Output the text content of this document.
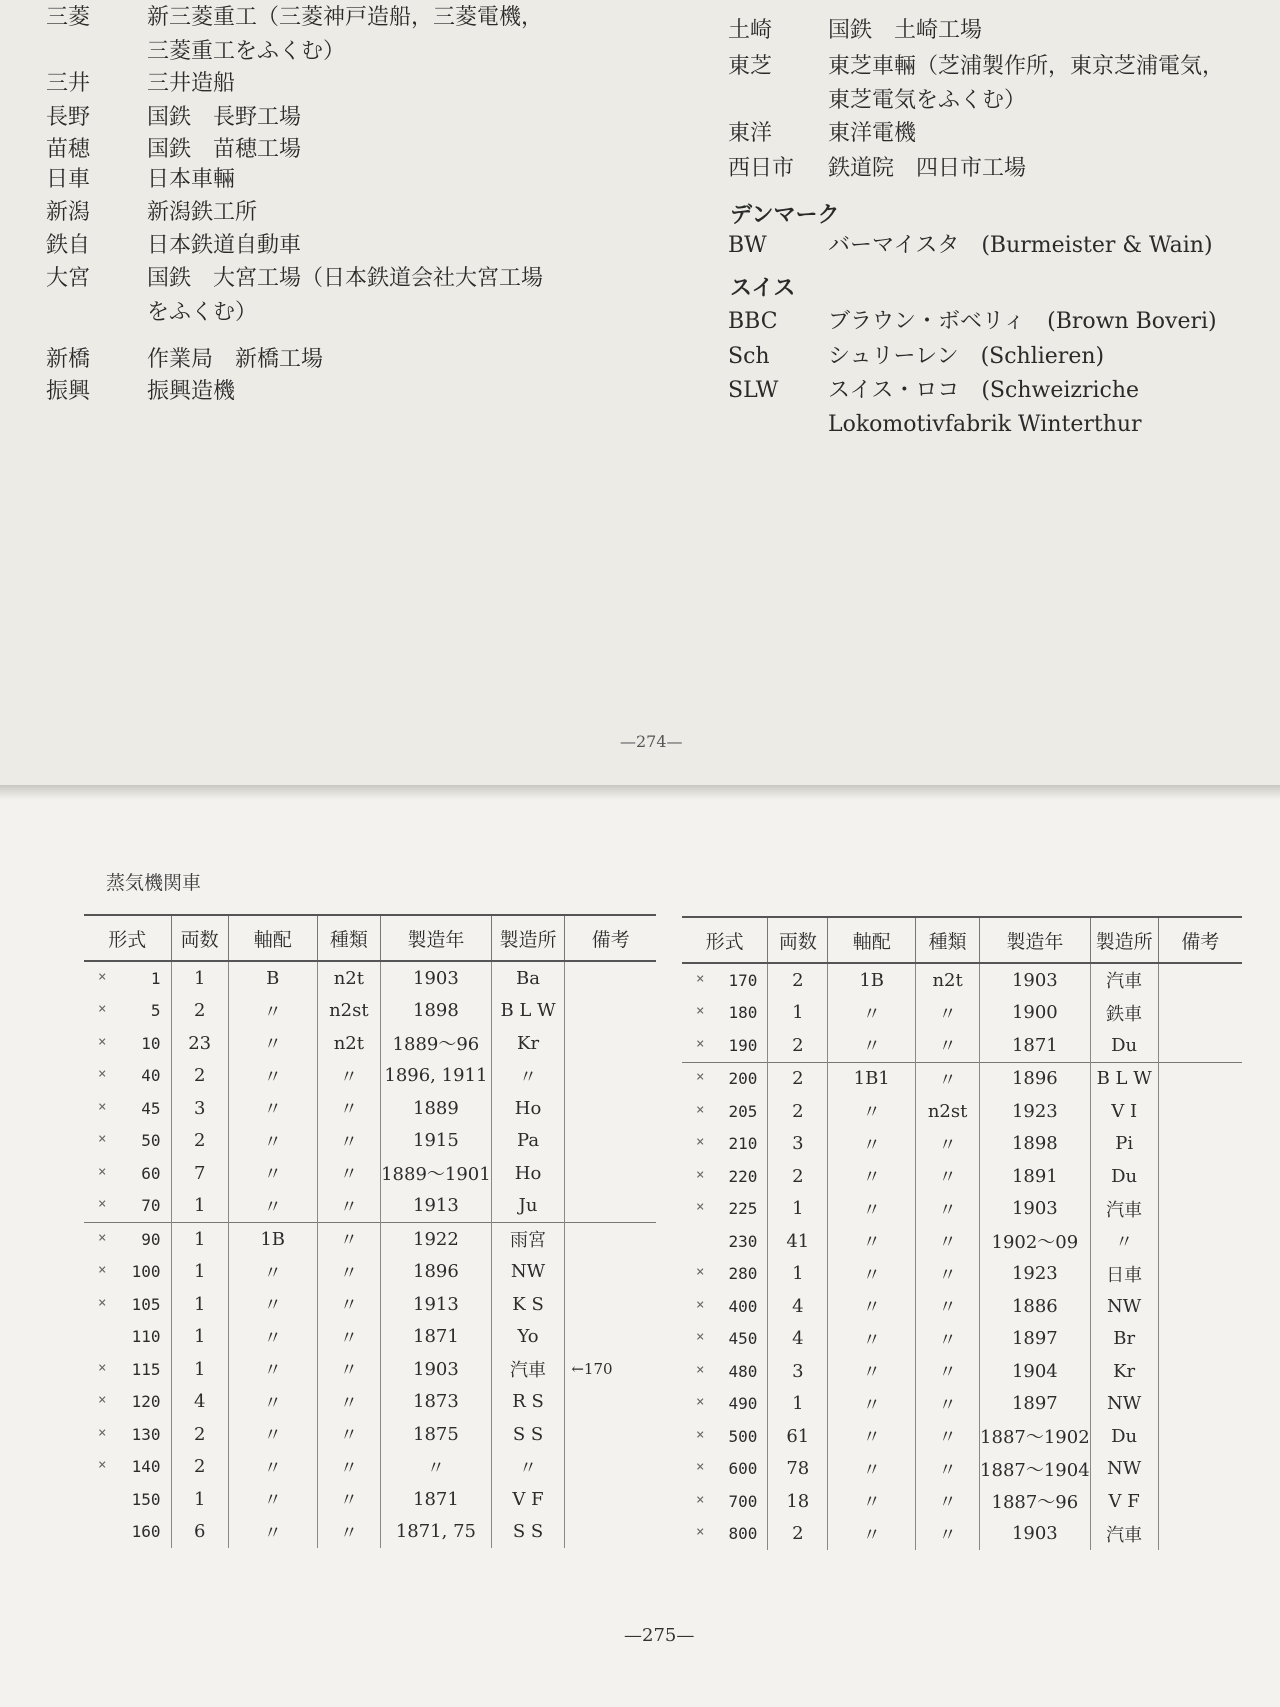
三菱	新三菱重工（三菱神戸造船，三菱電機，
三菱重工をふくむ）
三井	三井造船
長野	国鉄　長野工場
苗穂	国鉄　苗穂工場
日車	日本車輛
新潟	新潟鉄工所
鉄自	日本鉄道自動車
大宮	国鉄　大宮工場（日本鉄道会社大宮工場
をふくむ）
新橋	作業局　新橋工場
振興	振興造機
土崎	国鉄　土崎工場
東芝	東芝車輛（芝浦製作所，東京芝浦電気，
東芝電気をふくむ）
東洋	東洋電機
西日市	鉄道院　四日市工場
デンマーク
BW	バーマイスタ　(Burmeister & Wain)
スイス
BBC	ブラウン・ボベリィ　(Brown Boveri)
Sch	シュリーレン　(Schlieren)
SLW	スイス・ロコ　(Schweizriche
Lokomotivfabrik Winterthur
—274—
蒸気機関車
形式	両数	軸配	種類	製造年	製造所	備考

× 1	1	B	n2t	1903	Ba	

× 5	2	〃	n2st	1898	B L W	

× 10	23	〃	n2t	1889～96	Kr	

× 40	2	〃	〃	1896, 1911	〃	

× 45	3	〃	〃	1889	Ho	

× 50	2	〃	〃	1915	Pa	

× 60	7	〃	〃	1889～1901	Ho	

× 70	1	〃	〃	1913	Ju	

× 90	1	1B	〃	1922	雨宮	

× 100	1	〃	〃	1896	NW	

× 105	1	〃	〃	1913	K S	

110	1	〃	〃	1871	Yo	

× 115	1	〃	〃	1903	汽車	←170

× 120	4	〃	〃	1873	R S	

× 130	2	〃	〃	1875	S S	

× 140	2	〃	〃	〃	〃	

150	1	〃	〃	1871	V F	

160	6	〃	〃	1871, 75	S S	
形式	両数	軸配	種類	製造年	製造所	備考

× 170	2	1B	n2t	1903	汽車	

× 180	1	〃	〃	1900	鉄車	

× 190	2	〃	〃	1871	Du	

× 200	2	1B1	〃	1896	B L W	

× 205	2	〃	n2st	1923	V I	

× 210	3	〃	〃	1898	Pi	

× 220	2	〃	〃	1891	Du	

× 225	1	〃	〃	1903	汽車	

230	41	〃	〃	1902～09	〃	

× 280	1	〃	〃	1923	日車	

× 400	4	〃	〃	1886	NW	

× 450	4	〃	〃	1897	Br	

× 480	3	〃	〃	1904	Kr	

× 490	1	〃	〃	1897	NW	

× 500	61	〃	〃	1887～1902	Du	

× 600	78	〃	〃	1887～1904	NW	

× 700	18	〃	〃	1887～96	V F	

× 800	2	〃	〃	1903	汽車	
—275—
